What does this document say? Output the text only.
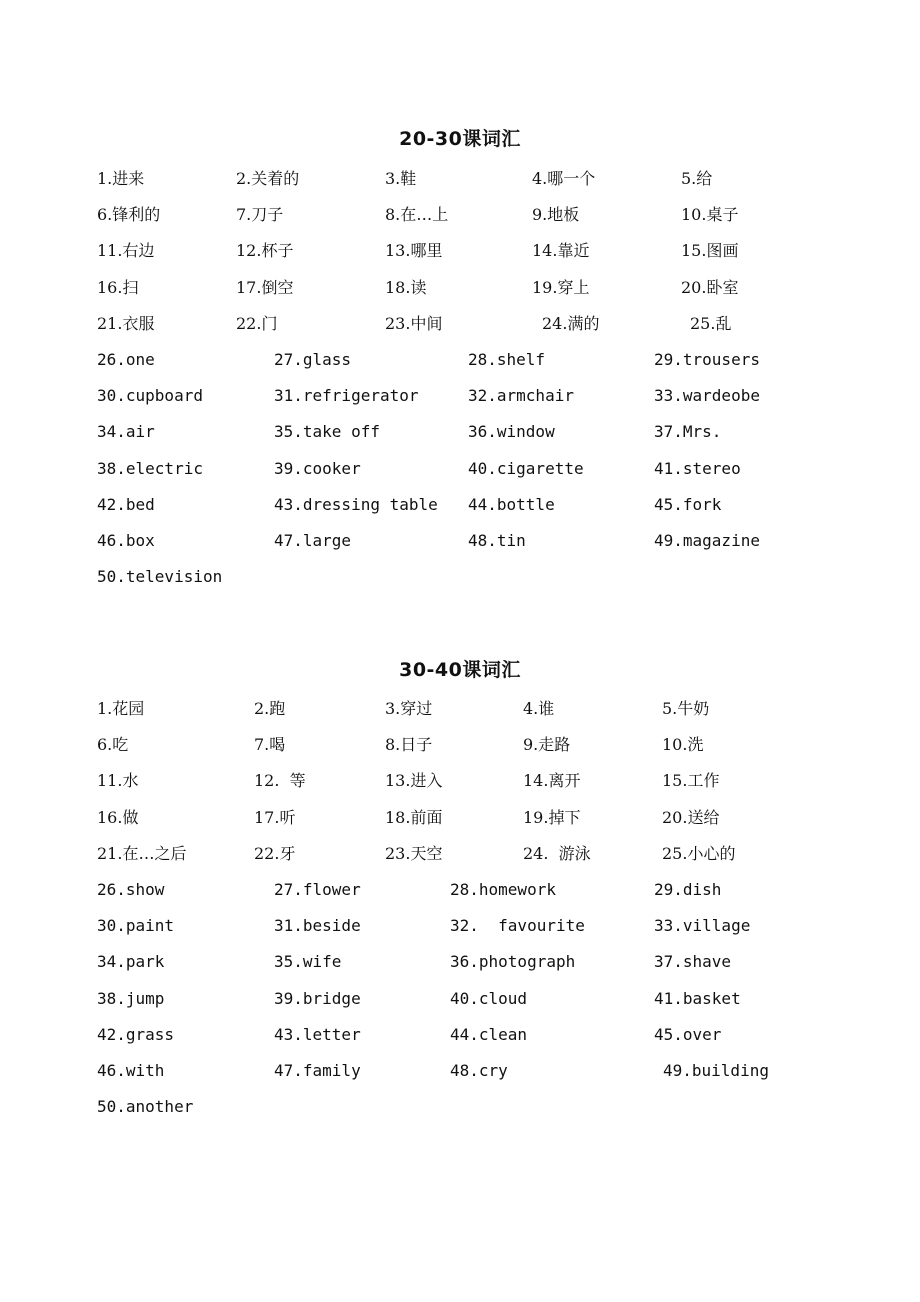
20-30课词汇
1.进来	2.关着的	3.鞋	4.哪一个	5.给
6.锋利的	7.刀子	8.在…上	9.地板	10.桌子
11.右边	12.杯子	13.哪里	14.靠近	15.图画
16.扫	17.倒空	18.读	19.穿上	20.卧室
21.衣服	22.门	23.中间	24.满的	25.乱
26.one	27.glass	28.shelf	29.trousers
30.cupboard	31.refrigerator	32.armchair	33.wardeobe
34.air	35.take off	36.window	37.Mrs.
38.electric	39.cooker	40.cigarette	41.stereo
42.bed	43.dressing table 44.bottle	45.fork
46.box	47.large	48.tin	49.magazine
50.television
30-40课词汇
1.花园	2.跑	3.穿过	4.谁	5.牛奶
6.吃	7.喝	8.日子	9.走路	10.洗
11.水	12.  等	13.进入	14.离开	15.工作
16.做	17.听	18.前面	19.掉下	20.送给
21.在…之后	22.牙	23.天空	24.  游泳	25.小心的
26.show	27.flower	28.homework	29.dish
30.paint	31.beside	32.  favourite	33.village
34.park	35.wife	36.photograph	37.shave
38.jump	39.bridge	40.cloud	41.basket
42.grass	43.letter	44.clean	45.over
46.with	47.family	48.cry	49.building
50.another
